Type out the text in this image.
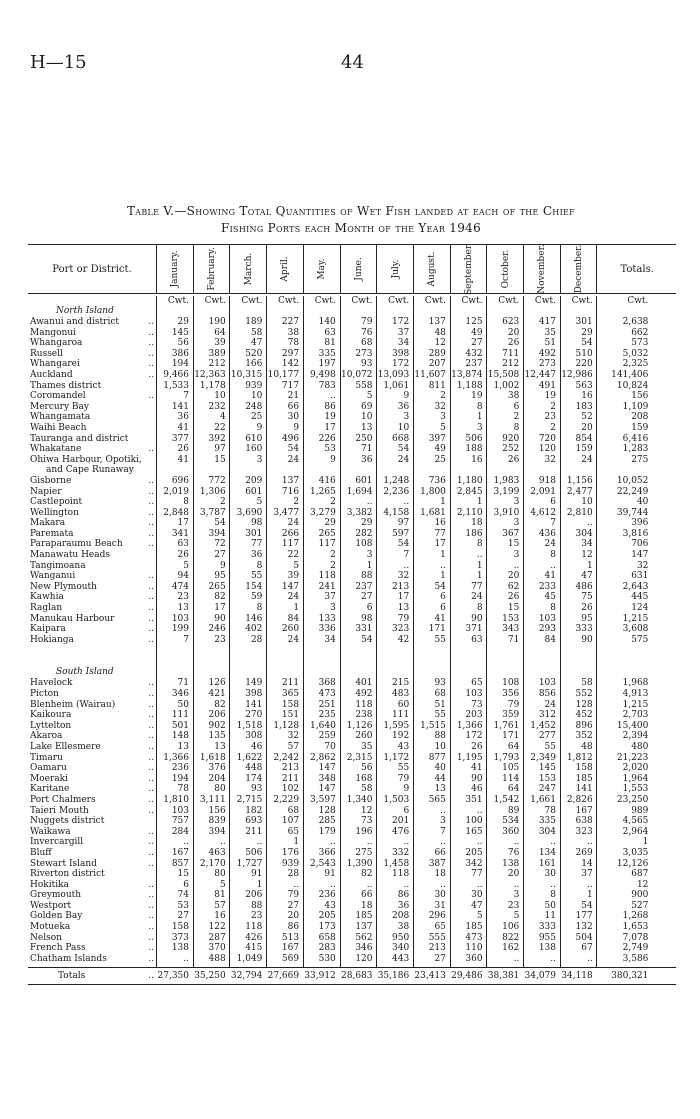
H—15	44
Table V.—Showing Total Quantities of Wet Fish landed at each of the Chief
Fishing Ports each Month of the Year 1946
Port or District.	January.	February.	March.	April.	May.	June.	July.	August.	September.	October.	November.	December.	Totals.
Cwt.	Cwt.	Cwt.	Cwt.	Cwt.	Cwt.	Cwt.	Cwt.	Cwt.	Cwt.	Cwt.	Cwt.	Cwt.
North Island
Awanui and district	..	29	190	189	227	140	79	172	137	125	623	417	301	2,638
Mangonui	..	145	64	58	38	63	76	37	48	49	20	35	29	662
Whangaroa	..	56	39	47	78	81	68	34	12	27	26	51	54	573
Russell	..	386	389	520	297	335	273	398	289	432	711	492	510	5,032
Whangarei	..	194	212	166	142	197	93	172	207	237	212	273	220	2,325
Auckland	..	9,466 12,363 10,315 10,177	9,498 10,072 13,093 11,607 13,874 15,508 12,447 12,986	141,406
Thames district	1,533	1,178	939	717	783	558	1,061	811	1,188	1,002	491	563	10,824
Coromandel	..	7	10	10	21	..	5	9	2	19	38	19	16	156
Mercury Bay	141	232	248	66	86	69	36	32	8	6	2	183	1,109
Whangamata	36	4	25	30	19	10	3	3	1	2	23	52	208
Waihi Beach	41	22	9	9	17	13	10	5	3	8	2	20	159
Tauranga and district	377	392	610	496	226	250	668	397	506	920	720	854	6,416
Whakatane	..	26	97	160	54	53	71	54	49	188	252	120	159	1,283
Ohiwa Harbour, Opotiki,	41	15	3	24	9	36	24	25	16	26	32	24	275
and Cape Runaway
Gisborne	..	696	772	209	137	416	601	1,248	736	1,180	1,983	918	1,156	10,052
Napier	..	2,019	1,306	601	716	1,265	1,694	2,236	1,800	2,845	3,199	2,091	2,477	22,249
Castlepoint	..	8	2	5	2	2	..	..	1	1	3	6	10	40
Wellington	..	2,848	3,787	3,690	3,477	3,279	3,382	4,158	1,681	2,110	3,910	4,612	2,810	39,744
Makara	..	17	54	98	24	29	29	97	16	18	3	7	..	396
Paremata	..	341	394	301	266	265	282	597	77	186	367	436	304	3,816
Paraparaumu Beach	..	63	72	77	117	117	108	54	17	8	15	24	34	706
Manawatu Heads	26	27	36	22	2	3	7	1	..	3	8	12	147
Tangimoana	5	9	8	5	2	1	..	..	1	..	..	1	32
Wanganui	..	94	95	55	39	118	88	32	1	1	20	41	47	631
New Plymouth	..	474	265	154	147	241	237	213	54	77	62	233	486	2,643
Kawhia	..	23	82	59	24	37	27	17	6	24	26	45	75	445
Raglan	..	13	17	8	1	3	6	13	6	8	15	8	26	124
Manukau Harbour	..	103	90	146	84	133	98	79	41	90	153	103	95	1,215
Kaipara	..	199	246	402	260	336	331	323	171	371	343	293	333	3,608
Hokianga	..	7	23	28	24	34	54	42	55	63	71	84	90	575
South Island
Havelock	..	71	126	149	211	368	401	215	93	65	108	103	58	1,968
Picton	..	346	421	398	365	473	492	483	68	103	356	856	552	4,913
Blenheim (Wairau)	..	50	82	141	158	251	118	60	51	73	79	24	128	1,215
Kaikoura	..	111	206	270	151	235	238	111	55	203	359	312	452	2,703
Lyttelton	..	501	902	1,518	1,128	1,640	1,126	1,595	1,515	1,366	1,761	1,452	896	15,400
Akaroa	..	148	135	308	32	259	260	192	88	172	171	277	352	2,394
Lake Ellesmere	..	13	13	46	57	70	35	43	10	26	64	55	48	480
Timaru	..	1,366	1,618	1,622	2,242	2,862	2,315	1,172	877	1,195	1,793	2,349	1,812	21,223
Oamaru	..	236	376	448	213	147	56	55	40	41	105	145	158	2,020
Moeraki	..	194	204	174	211	348	168	79	44	90	114	153	185	1,964
Karitane	..	78	80	93	102	147	58	9	13	46	64	247	141	1,553
Port Chalmers	..	1,810	3,111	2,715	2,229	3,597	1,340	1,503	565	351	1,542	1,661	2,826	23,250
Taieri Mouth	..	103	156	182	68	128	12	6	..	..	89	78	167	989
Nuggets district	757	839	693	107	285	73	201	3	100	534	335	638	4,565
Waikawa	..	284	394	211	65	179	196	476	7	165	360	304	323	2,964
Invercargill	..	..	..	..	1	..	..	..	..	..	..	..	..	1
Bluff	..	167	463	506	176	366	275	332	66	205	76	134	269	3,035
Stewart Island	..	857	2,170	1,727	939	2,543	1,390	1,458	387	342	138	161	14	12,126
Riverton district	15	80	91	28	91	82	118	18	77	20	30	37	687
Hokitika	..	6	5	1	..	..	..	..	..	..	..	..	..	12
Greymouth	..	74	81	206	79	236	66	86	30	30	3	8	1	900
Westport	..	53	57	88	27	43	18	36	31	47	23	50	54	527
Golden Bay	..	27	16	23	20	205	185	208	296	5	5	11	177	1,268
Motueka	..	158	122	118	86	173	137	38	65	185	106	333	132	1,653
Nelson	..	373	287	426	513	658	562	950	555	473	822	955	504	7,078
French Pass	..	138	370	415	167	283	346	340	213	110	162	138	67	2,749
Chatham Islands	..	..	488	1,049	569	530	120	443	27	360	..	..	..	3,586
Totals	.. 27,350 35,250 32,794 27,669 33,912 28,683 35,186 23,413 29,486 38,381 34,079 34,118	380,321
